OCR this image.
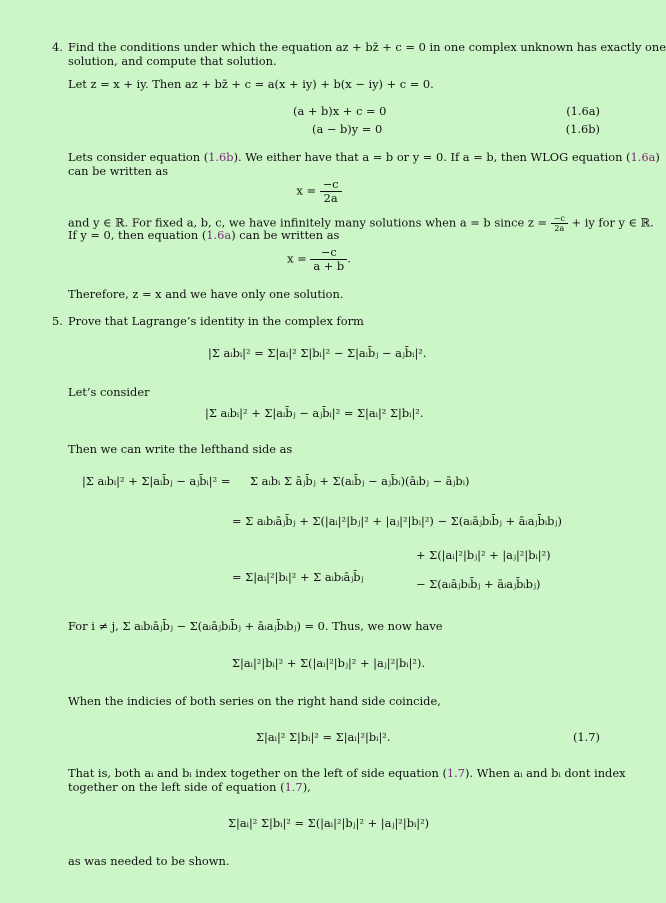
4. Find the conditions under which the equation az + bz̄ + c = 0 in one complex unknown has exactly one
solution, and compute that solution.
Let z = x + iy. Then az + bz̄ + c = a(x + iy) + b(x − iy) + c = 0.
(a + b)x + c = 0	(1.6a)
(a − b)y = 0	(1.6b)
Lets consider equation (1.6b). We either have that a = b or y = 0. If a = b, then WLOG equation (1.6a)
can be written as
$x = \frac{-c}{2a}$
and y ∈ ℝ. For fixed a, b, c, we have infinitely many solutions when a = b since $z = \frac{-c}{2a}$ + iy for y ∈ ℝ.
If y = 0, then equation (1.6a) can be written as
$x = \frac{-c}{a + b}$ .
Therefore, z = x and we have only one solution.
5. Prove that Lagrange’s identity in the complex form
|Σ aᵢbᵢ|² = Σ|aᵢ|² Σ|bᵢ|² − Σ|aᵢb̄ⱼ − aⱼb̄ᵢ|².
Let’s consider
|Σ aᵢbᵢ|² + Σ|aᵢb̄ⱼ − aⱼb̄ᵢ|² = Σ|aᵢ|² Σ|bᵢ|².
Then we can write the lefthand side as
|Σ aᵢbᵢ|² + Σ|aᵢb̄ⱼ − aⱼb̄ᵢ|² = Σ aᵢbᵢ Σ āⱼb̄ⱼ + Σ(aᵢb̄ⱼ − aⱼb̄ᵢ)(āᵢbⱼ − āⱼbᵢ)
= Σ aᵢbᵢāⱼb̄ⱼ + Σ(|aᵢ|²|bⱼ|² + |aⱼ|²|bᵢ|²) − Σ(aᵢāⱼbᵢb̄ⱼ + āᵢaⱼb̄ᵢbⱼ)
+ Σ(|aᵢ|²|bⱼ|² + |aⱼ|²|bᵢ|²)
= Σ|aᵢ|²|bᵢ|² + Σ aᵢbᵢāⱼb̄ⱼ	− Σ(aᵢāⱼbᵢb̄ⱼ + āᵢaⱼb̄ᵢbⱼ)
For i ≠ j, Σ aᵢbᵢāⱼb̄ⱼ − Σ(aᵢāⱼbᵢb̄ⱼ + āᵢaⱼb̄ᵢbⱼ) = 0. Thus, we now have
Σ|aᵢ|²|bᵢ|² + Σ(|aᵢ|²|bⱼ|² + |aⱼ|²|bᵢ|²).
When the indicies of both series on the right hand side coincide,
Σ|aᵢ|² Σ|bᵢ|² = Σ|aᵢ|²|bᵢ|².	(1.7)
That is, both aᵢ and bᵢ index together on the left of side equation (1.7). When aᵢ and bᵢ dont index
together on the left side of equation (1.7),
Σ|aᵢ|² Σ|bᵢ|² = Σ(|aᵢ|²|bⱼ|² + |aⱼ|²|bᵢ|²)
as was needed to be shown.
